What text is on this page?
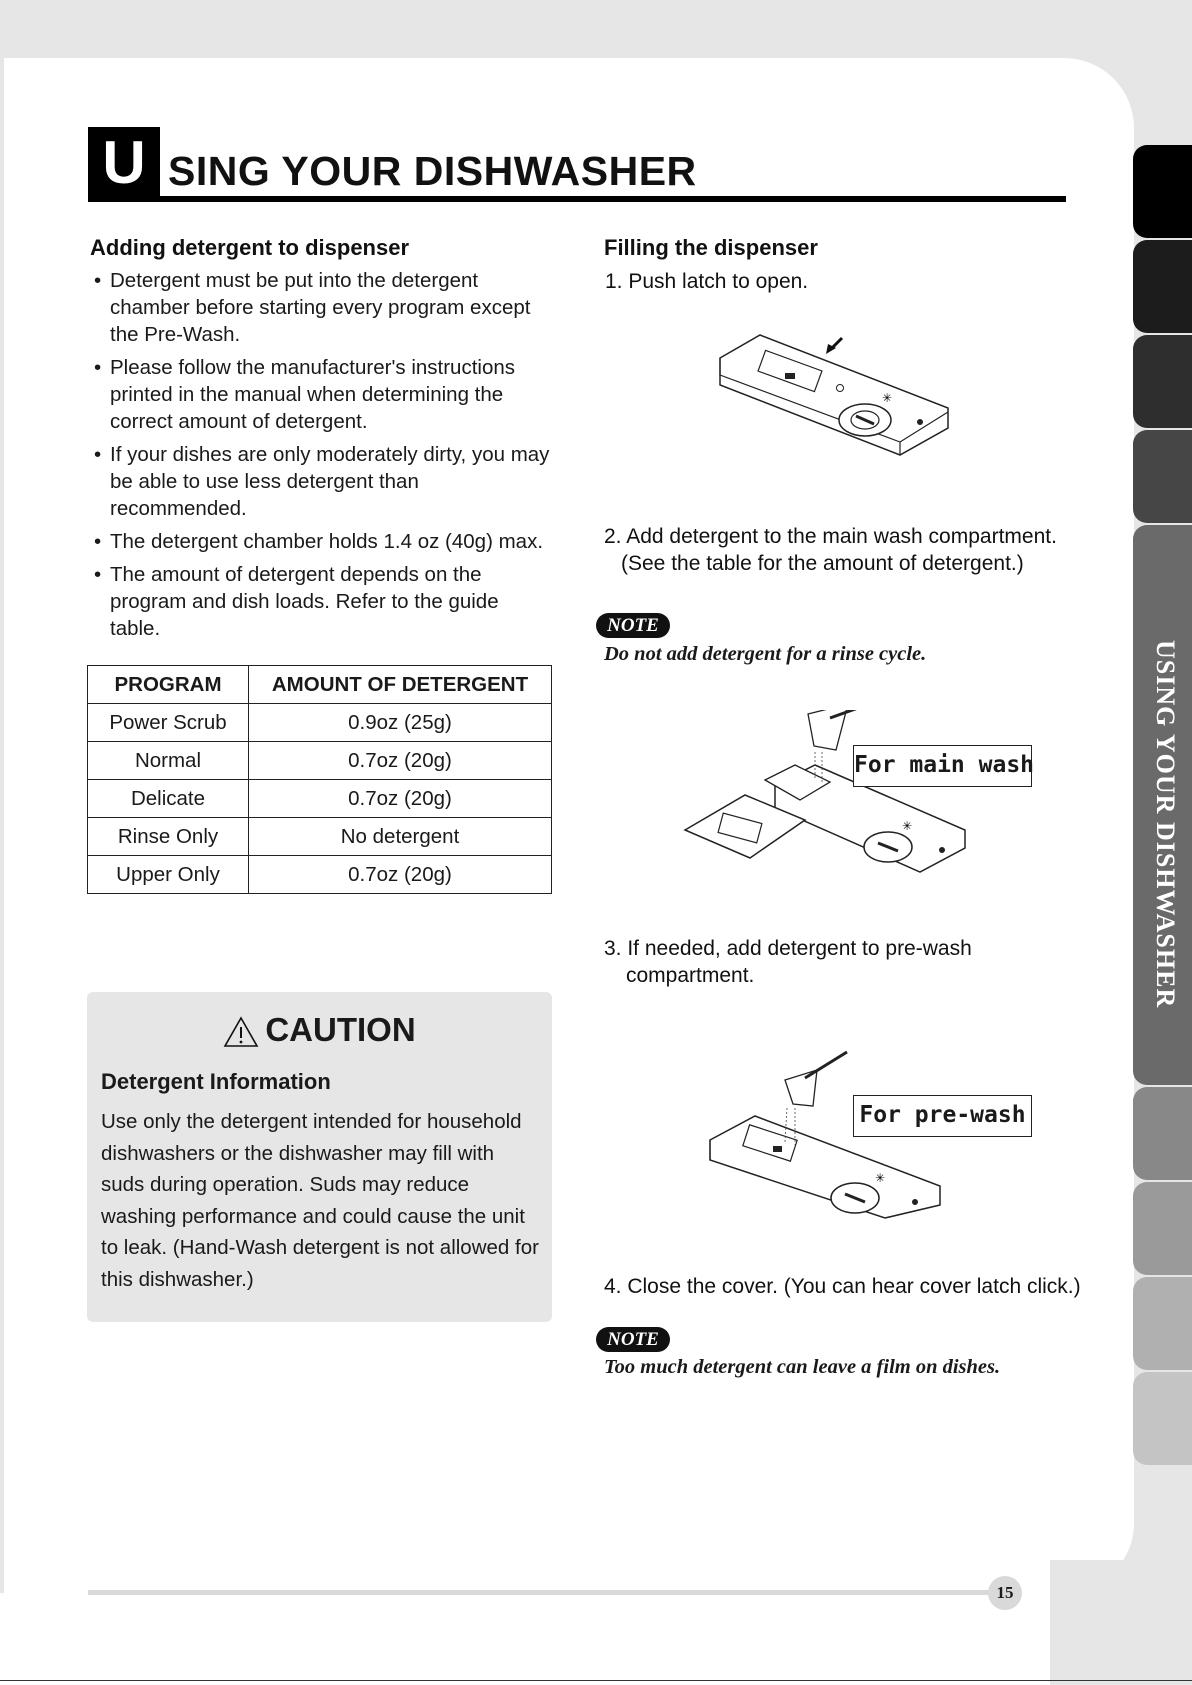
USING YOUR DISHWASHER
U SING YOUR DISHWASHER
Adding detergent to dispenser
• Detergent must be put into the detergent chamber before starting every program except the Pre-Wash.
• Please follow the manufacturer's instructions printed in the manual when determining the correct amount of detergent.
• If your dishes are only moderately dirty, you may be able to use less detergent than recommended.
• The detergent chamber holds 1.4 oz (40g) max.
• The amount of detergent depends on the program and dish loads. Refer to the guide table.
PROGRAM	AMOUNT OF DETERGENT
Power Scrub	0.9oz (25g)
Normal	0.7oz (20g)
Delicate	0.7oz (20g)
Rinse Only	No detergent
Upper Only	0.7oz (20g)
CAUTION
Detergent Information
Use only the detergent intended for household dishwashers or the dishwasher may fill with suds during operation. Suds may reduce washing performance and could cause the unit to leak. (Hand-Wash detergent is not allowed for this dishwasher.)
Filling the dispenser
1. Push latch to open.
✳
2. Add detergent to the main wash compartment.
(See the table for the amount of detergent.)
NOTE
Do not add detergent for a rinse cycle.
✳
For main wash
3. If needed, add detergent to pre-wash
compartment.
✳
For pre-wash
4. Close the cover. (You can hear cover latch click.)
NOTE
Too much detergent can leave a film on dishes.
15
